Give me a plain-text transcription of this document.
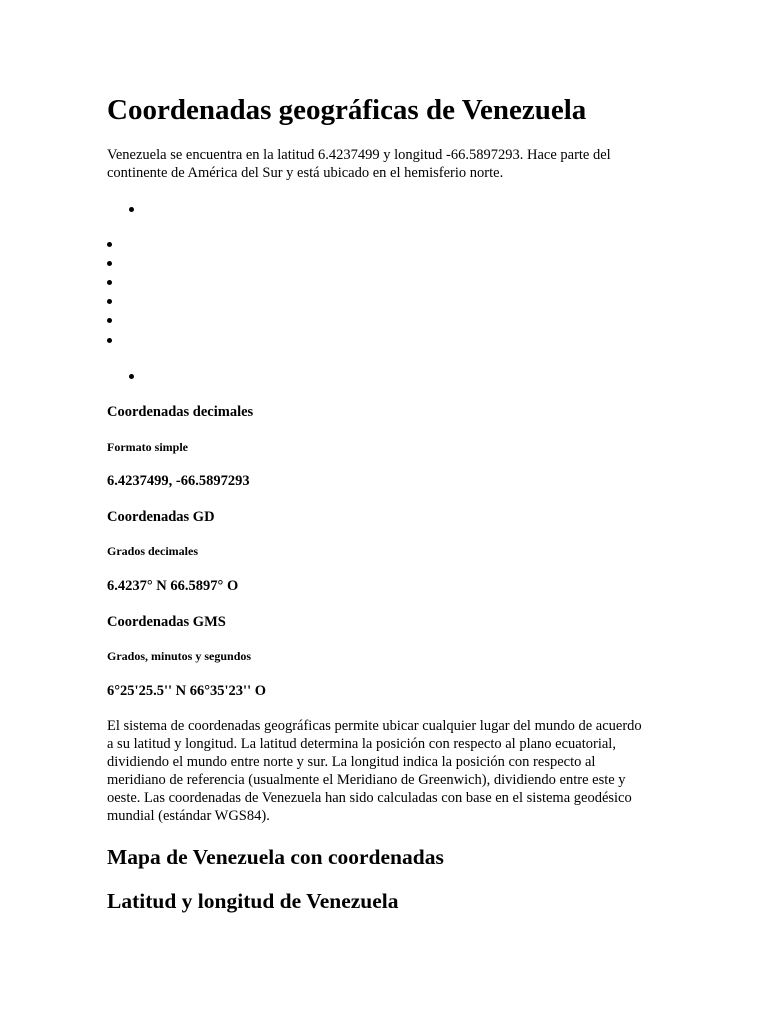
Coordenadas geográficas de Venezuela

Venezuela se encuentra en la latitud 6.4237499 y longitud -66.5897293. Hace parte del continente de América del Sur y está ubicado en el hemisferio norte.

Coordenadas decimales
Formato simple
6.4237499, -66.5897293
Coordenadas GD
Grados decimales
6.4237° N 66.5897° O
Coordenadas GMS
Grados, minutos y segundos
6°25'25.5'' N 66°35'23'' O

El sistema de coordenadas geográficas permite ubicar cualquier lugar del mundo de acuerdo a su latitud y longitud. La latitud determina la posición con respecto al plano ecuatorial, dividiendo el mundo entre norte y sur. La longitud indica la posición con respecto al meridiano de referencia (usualmente el Meridiano de Greenwich), dividiendo entre este y oeste. Las coordenadas de Venezuela han sido calculadas con base en el sistema geodésico mundial (estándar WGS84).

Mapa de Venezuela con coordenadas
Latitud y longitud de Venezuela
